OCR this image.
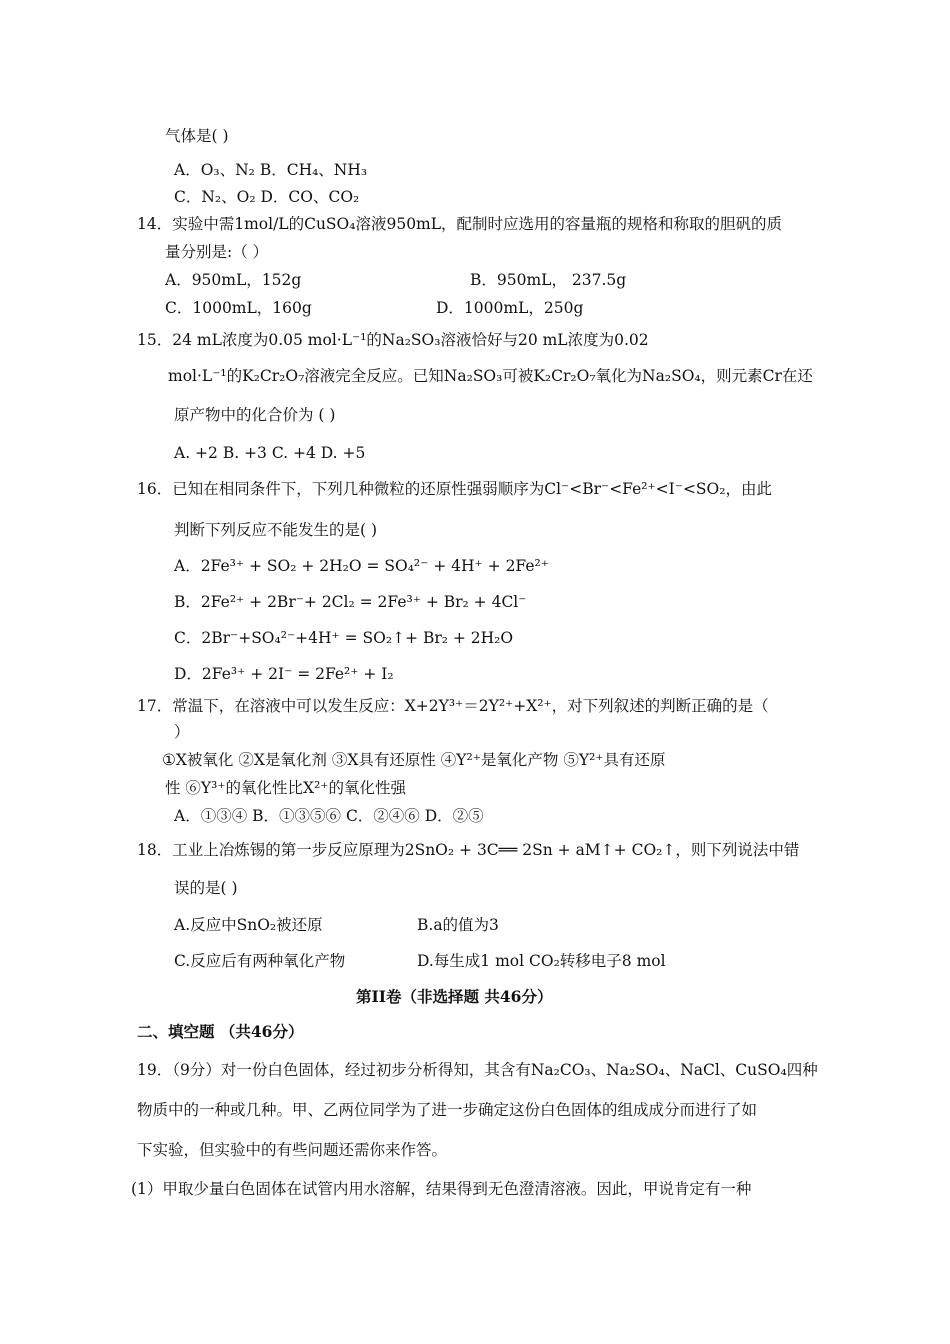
气体是( )
A．O₃、N₂ B．CH₄、NH₃
C．N₂、O₂ D．CO、CO₂
14．实验中需1mol/L的CuSO₄溶液950mL，配制时应选用的容量瓶的规格和称取的胆矾的质
量分别是:（ ）
A．950mL，152g	B．950mL， 237.5g
C．1000mL，160g	D．1000mL，250g
15．24 mL浓度为0.05 mol·L⁻¹的Na₂SO₃溶液恰好与20 mL浓度为0.02
mol·L⁻¹的K₂Cr₂O₇溶液完全反应。已知Na₂SO₃可被K₂Cr₂O₇氧化为Na₂SO₄，则元素Cr在还
原产物中的化合价为 ( )
A. +2 B. +3 C. +4 D. +5
16．已知在相同条件下，下列几种微粒的还原性强弱顺序为Cl⁻<Br⁻<Fe²⁺<I⁻<SO₂，由此
判断下列反应不能发生的是( )
A．2Fe³⁺ + SO₂ + 2H₂O = SO₄²⁻ + 4H⁺ + 2Fe²⁺
B．2Fe²⁺ + 2Br⁻+ 2Cl₂ = 2Fe³⁺ + Br₂ + 4Cl⁻
C．2Br⁻+SO₄²⁻+4H⁺ = SO₂↑+ Br₂ + 2H₂O
D．2Fe³⁺ + 2I⁻ = 2Fe²⁺ + I₂
17．常温下，在溶液中可以发生反应：X+2Y³⁺＝2Y²⁺+X²⁺，对下列叙述的判断正确的是（
）
①X被氧化 ②X是氧化剂 ③X具有还原性 ④Y²⁺是氧化产物 ⑤Y²⁺具有还原
性 ⑥Y³⁺的氧化性比X²⁺的氧化性强
A．①③④ B．①③⑤⑥ C．②④⑥ D．②⑤
18．工业上冶炼锡的第一步反应原理为2SnO₂ + 3C══ 2Sn + aM↑+ CO₂↑，则下列说法中错
误的是( )
A.反应中SnO₂被还原	B.a的值为3
C.反应后有两种氧化产物	D.每生成1 mol CO₂转移电子8 mol
第II卷（非选择题 共46分）
二、填空题 （共46分）
19．（9分）对一份白色固体，经过初步分析得知，其含有Na₂CO₃、Na₂SO₄、NaCl、CuSO₄四种
物质中的一种或几种。甲、乙两位同学为了进一步确定这份白色固体的组成成分而进行了如
下实验，但实验中的有些问题还需你来作答。
(1）甲取少量白色固体在试管内用水溶解，结果得到无色澄清溶液。因此，甲说肯定有一种
